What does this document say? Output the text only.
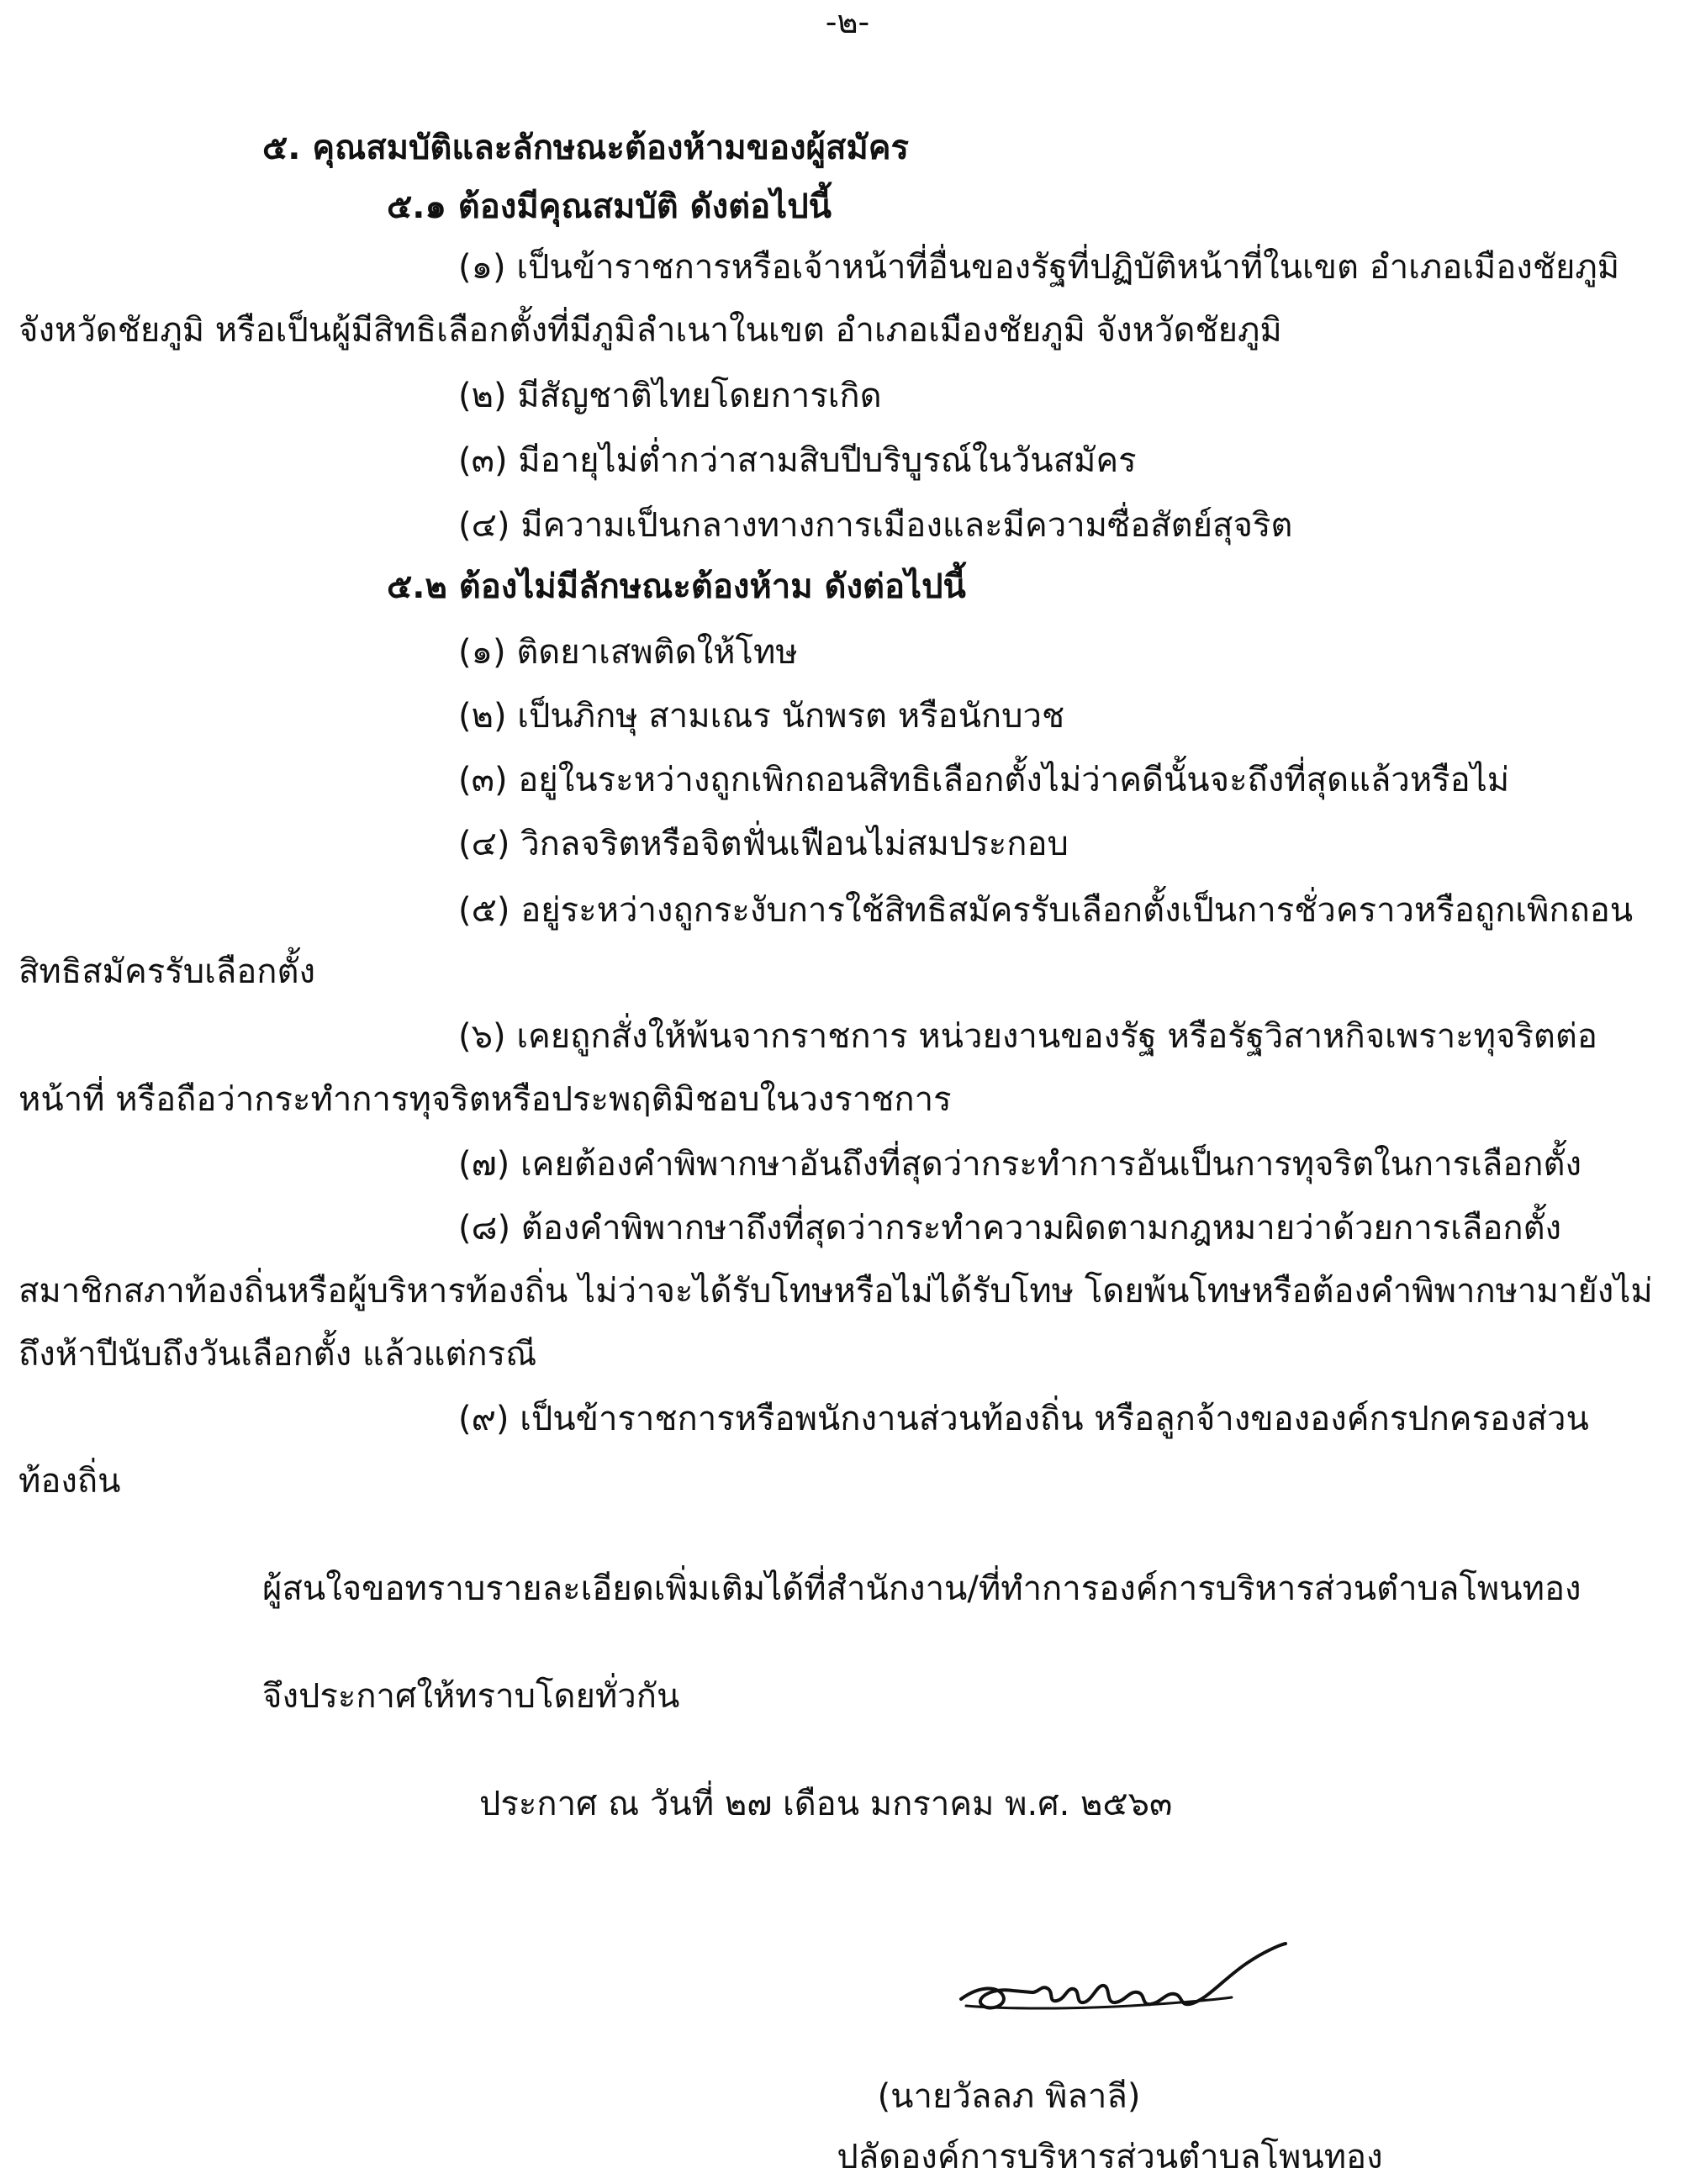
-๒-
๕. คุณสมบัติและลักษณะต้องห้ามของผู้สมัคร
๕.๑ ต้องมีคุณสมบัติ ดังต่อไปนี้
(๑) เป็นข้าราชการหรือเจ้าหน้าที่อื่นของรัฐที่ปฏิบัติหน้าที่ในเขต อำเภอเมืองชัยภูมิ
จังหวัดชัยภูมิ หรือเป็นผู้มีสิทธิเลือกตั้งที่มีภูมิลำเนาในเขต อำเภอเมืองชัยภูมิ จังหวัดชัยภูมิ
(๒) มีสัญชาติไทยโดยการเกิด
(๓) มีอายุไม่ต่ำกว่าสามสิบปีบริบูรณ์ในวันสมัคร
(๔) มีความเป็นกลางทางการเมืองและมีความซื่อสัตย์สุจริต
๕.๒ ต้องไม่มีลักษณะต้องห้าม ดังต่อไปนี้
(๑) ติดยาเสพติดให้โทษ
(๒) เป็นภิกษุ สามเณร นักพรต หรือนักบวช
(๓) อยู่ในระหว่างถูกเพิกถอนสิทธิเลือกตั้งไม่ว่าคดีนั้นจะถึงที่สุดแล้วหรือไม่
(๔) วิกลจริตหรือจิตฟั่นเฟือนไม่สมประกอบ
(๕) อยู่ระหว่างถูกระงับการใช้สิทธิสมัครรับเลือกตั้งเป็นการชั่วคราวหรือถูกเพิกถอน
สิทธิสมัครรับเลือกตั้ง
(๖) เคยถูกสั่งให้พ้นจากราชการ หน่วยงานของรัฐ หรือรัฐวิสาหกิจเพราะทุจริตต่อ
หน้าที่ หรือถือว่ากระทำการทุจริตหรือประพฤติมิชอบในวงราชการ
(๗) เคยต้องคำพิพากษาอันถึงที่สุดว่ากระทำการอันเป็นการทุจริตในการเลือกตั้ง
(๘) ต้องคำพิพากษาถึงที่สุดว่ากระทำความผิดตามกฎหมายว่าด้วยการเลือกตั้ง
สมาชิกสภาท้องถิ่นหรือผู้บริหารท้องถิ่น ไม่ว่าจะได้รับโทษหรือไม่ได้รับโทษ โดยพ้นโทษหรือต้องคำพิพากษามายังไม่
ถึงห้าปีนับถึงวันเลือกตั้ง แล้วแต่กรณี
(๙) เป็นข้าราชการหรือพนักงานส่วนท้องถิ่น หรือลูกจ้างขององค์กรปกครองส่วน
ท้องถิ่น
ผู้สนใจขอทราบรายละเอียดเพิ่มเติมได้ที่สำนักงาน/ที่ทำการองค์การบริหารส่วนตำบลโพนทอง
จึงประกาศให้ทราบโดยทั่วกัน
ประกาศ ณ วันที่ ๒๗ เดือน มกราคม พ.ศ. ๒๕๖๓
(นายวัลลภ พิลาลี)
ปลัดองค์การบริหารส่วนตำบลโพนทอง
